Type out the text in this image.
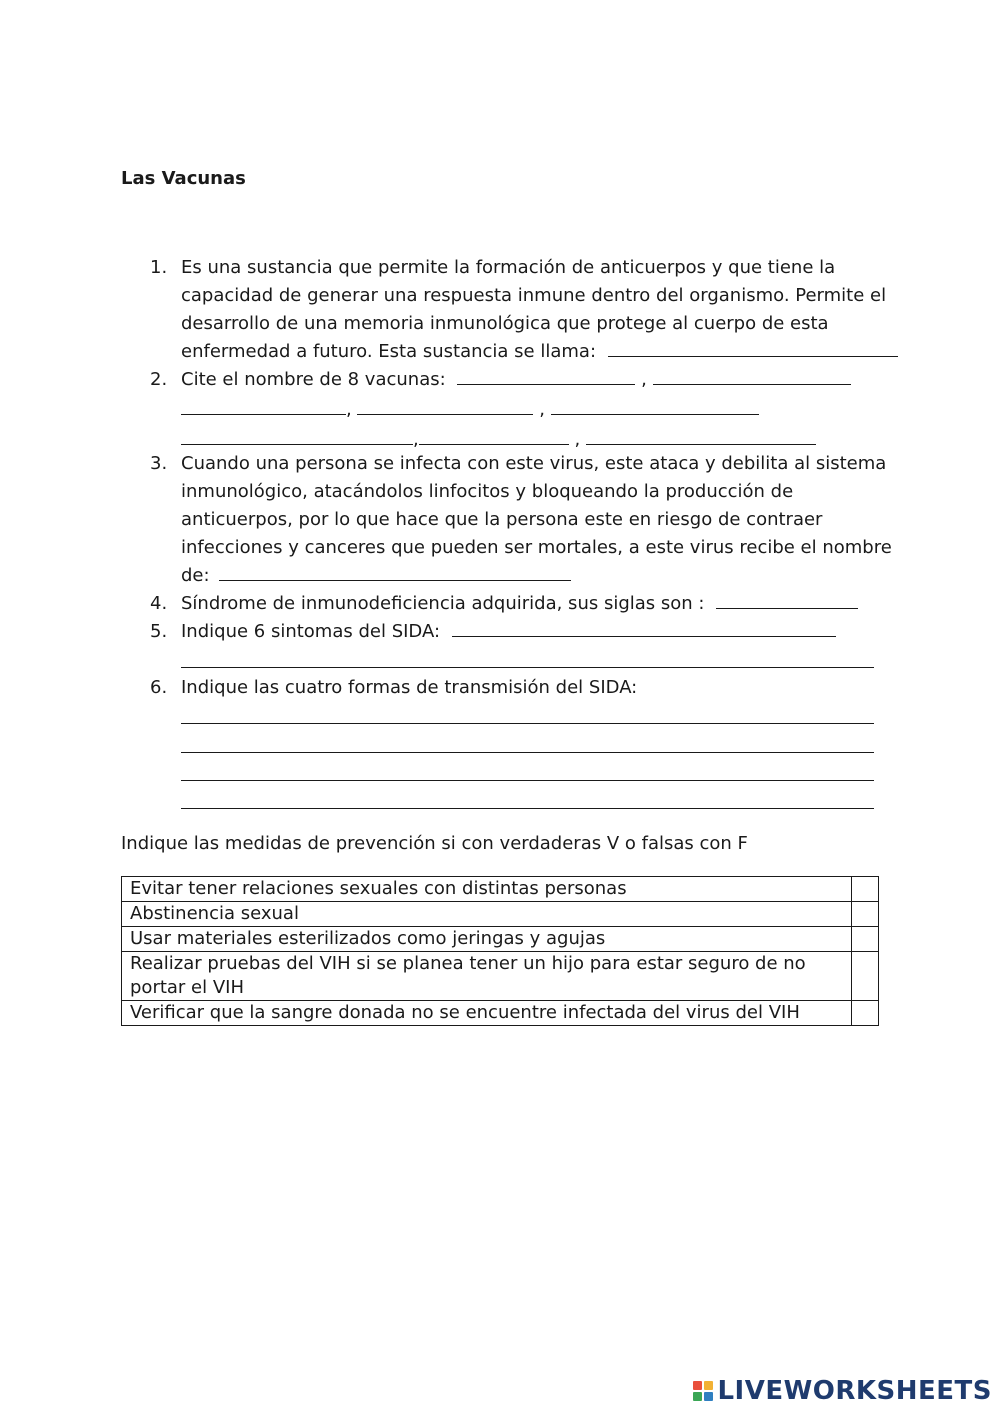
Las Vacunas
1. Es una sustancia que permite la formación de anticuerpos y que tiene la
capacidad de generar una respuesta inmune dentro del organismo. Permite el
desarrollo de una memoria inmunológica que protege al cuerpo de esta
enfermedad a futuro. Esta sustancia se llama:
2. Cite el nombre de 8 vacunas:	,
,	,
,	,
3. Cuando una persona se infecta con este virus, este ataca y debilita al sistema
inmunológico, atacándolos linfocitos y bloqueando la producción de
anticuerpos, por lo que hace que la persona este en riesgo de contraer
infecciones y canceres que pueden ser mortales, a este virus recibe el nombre
de:
4. Síndrome de inmunodeficiencia adquirida, sus siglas son :
5. Indique 6 sintomas del SIDA:
6. Indique las cuatro formas de transmisión del SIDA:
Indique las medidas de prevención si con verdaderas V o falsas con F
Evitar tener relaciones sexuales con distintas personas	
Abstinencia sexual	
Usar materiales esterilizados como jeringas y agujas	

Realizar pruebas del VIH si se planea tener un hijo para estar seguro de no
portar el VIH	

Verificar que la sangre donada no se encuentre infectada del virus del VIH	
LIVEWORKSHEETS
